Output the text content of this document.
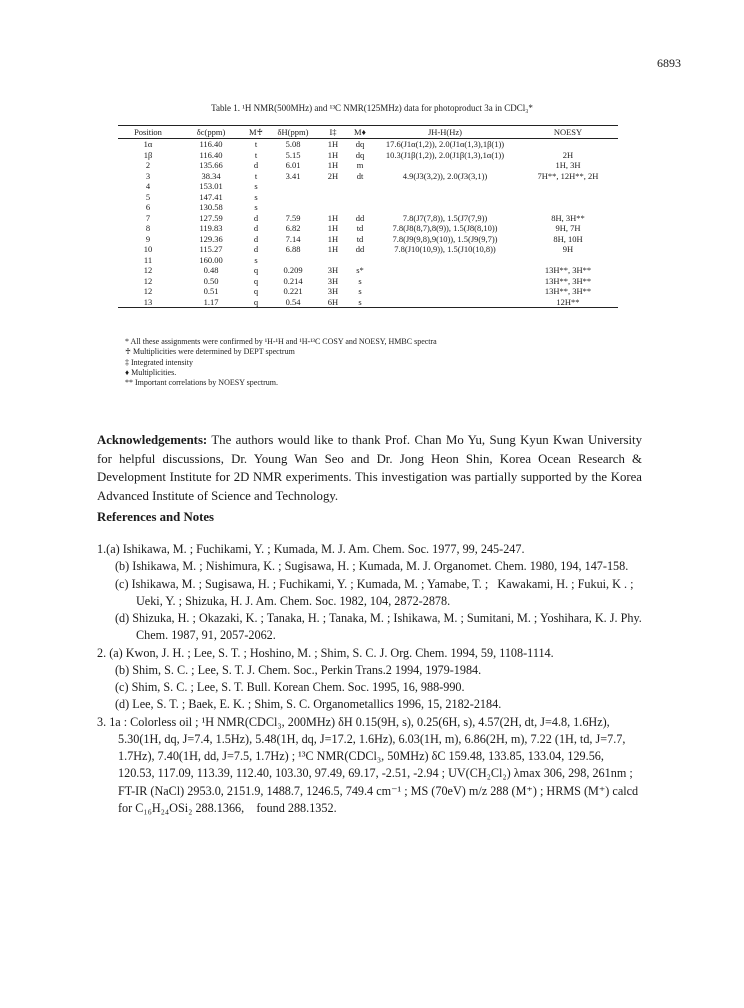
6893
Table 1. ¹H NMR(500MHz) and ¹³C NMR(125MHz) data for photoproduct 3a in CDCl₃*
Position	δc(ppm)	M♰	δH(ppm)	I‡	M♦	JH-H(Hz)	NOESY
1α	116.40	t	5.08	1H	dq	17.6(J1α(1,2)), 2.0(J1α(1,3),1β(1))	
1β	116.40	t	5.15	1H	dq	10.3(J1β(1,2)), 2.0(J1β(1,3),1α(1))	2H
2	135.66	d	6.01	1H	m		1H, 3H
3	38.34	t	3.41	2H	dt	4.9(J3(3,2)), 2.0(J3(3,1))	7H**, 12H**, 2H
4	153.01	s					
5	147.41	s					
6	130.58	s					
7	127.59	d	7.59	1H	dd	7.8(J7(7,8)), 1.5(J7(7,9))	8H, 3H**
8	119.83	d	6.82	1H	td	7.8(J8(8,7),8(9)), 1.5(J8(8,10))	9H, 7H
9	129.36	d	7.14	1H	td	7.8(J9(9,8),9(10)), 1.5(J9(9,7))	8H, 10H
10	115.27	d	6.88	1H	dd	7.8(J10(10,9)), 1.5(J10(10,8))	9H
11	160.00	s					
12	0.48	q	0.209	3H	s*		13H**, 3H**
12	0.50	q	0.214	3H	s		13H**, 3H**
12	0.51	q	0.221	3H	s		13H**, 3H**
13	1.17	q	0.54	6H	s		12H**
* All these assignments were confirmed by ¹H-¹H and ¹H-¹³C COSY and NOESY, HMBC spectra
♰ Multiplicities were determined by DEPT spectrum
‡ Integrated intensity
♦ Multiplicities.
** Important correlations by NOESY spectrum.
Acknowledgements: The authors would like to thank Prof. Chan Mo Yu, Sung Kyun Kwan University for helpful discussions, Dr. Young Wan Seo and Dr. Jong Heon Shin, Korea Ocean Research & Development Institute for 2D NMR experiments. This investigation was partially supported by the Korea Advanced Institute of Science and Technology.
References and Notes
1.(a) Ishikawa, M. ; Fuchikami, Y. ; Kumada, M. J. Am. Chem. Soc. 1977, 99, 245-247.
(b) Ishikawa, M. ; Nishimura, K. ; Sugisawa, H. ; Kumada, M. J. Organomet. Chem. 1980, 194, 147-158.
(c) Ishikawa, M. ; Sugisawa, H. ; Fuchikami, Y. ; Kumada, M. ; Yamabe, T. ;   Kawakami, H. ; Fukui, K . ; Ueki, Y. ; Shizuka, H. J. Am. Chem. Soc. 1982, 104, 2872-2878.
(d) Shizuka, H. ; Okazaki, K. ; Tanaka, H. ; Tanaka, M. ; Ishikawa, M. ; Sumitani, M. ; Yoshihara, K. J. Phy. Chem. 1987, 91, 2057-2062.
2. (a) Kwon, J. H. ; Lee, S. T. ; Hoshino, M. ; Shim, S. C. J. Org. Chem. 1994, 59, 1108-1114.
(b) Shim, S. C. ; Lee, S. T. J. Chem. Soc., Perkin Trans.2 1994, 1979-1984.
(c) Shim, S. C. ; Lee, S. T. Bull. Korean Chem. Soc. 1995, 16, 988-990.
(d) Lee, S. T. ; Baek, E. K. ; Shim, S. C. Organometallics 1996, 15, 2182-2184.
3. 1a : Colorless oil ; ¹H NMR(CDCl₃, 200MHz) δH 0.15(9H, s), 0.25(6H, s), 4.57(2H, dt, J=4.8, 1.6Hz), 5.30(1H, dq, J=7.4, 1.5Hz), 5.48(1H, dq, J=17.2, 1.6Hz), 6.03(1H, m), 6.86(2H, m), 7.22 (1H, td, J=7.7, 1.7Hz), 7.40(1H, dd, J=7.5, 1.7Hz) ; ¹³C NMR(CDCl₃, 50MHz) δC 159.48, 133.85, 133.04, 129.56, 120.53, 117.09, 113.39, 112.40, 103.30, 97.49, 69.17, -2.51, -2.94 ; UV(CH₂Cl₂) λmax 306, 298, 261nm ; FT-IR (NaCl) 2953.0, 2151.9, 1488.7, 1246.5, 749.4 cm⁻¹ ; MS (70eV) m/z 288 (M⁺) ; HRMS (M⁺) calcd for C₁₆H₂₄OSi₂ 288.1366,    found 288.1352.
